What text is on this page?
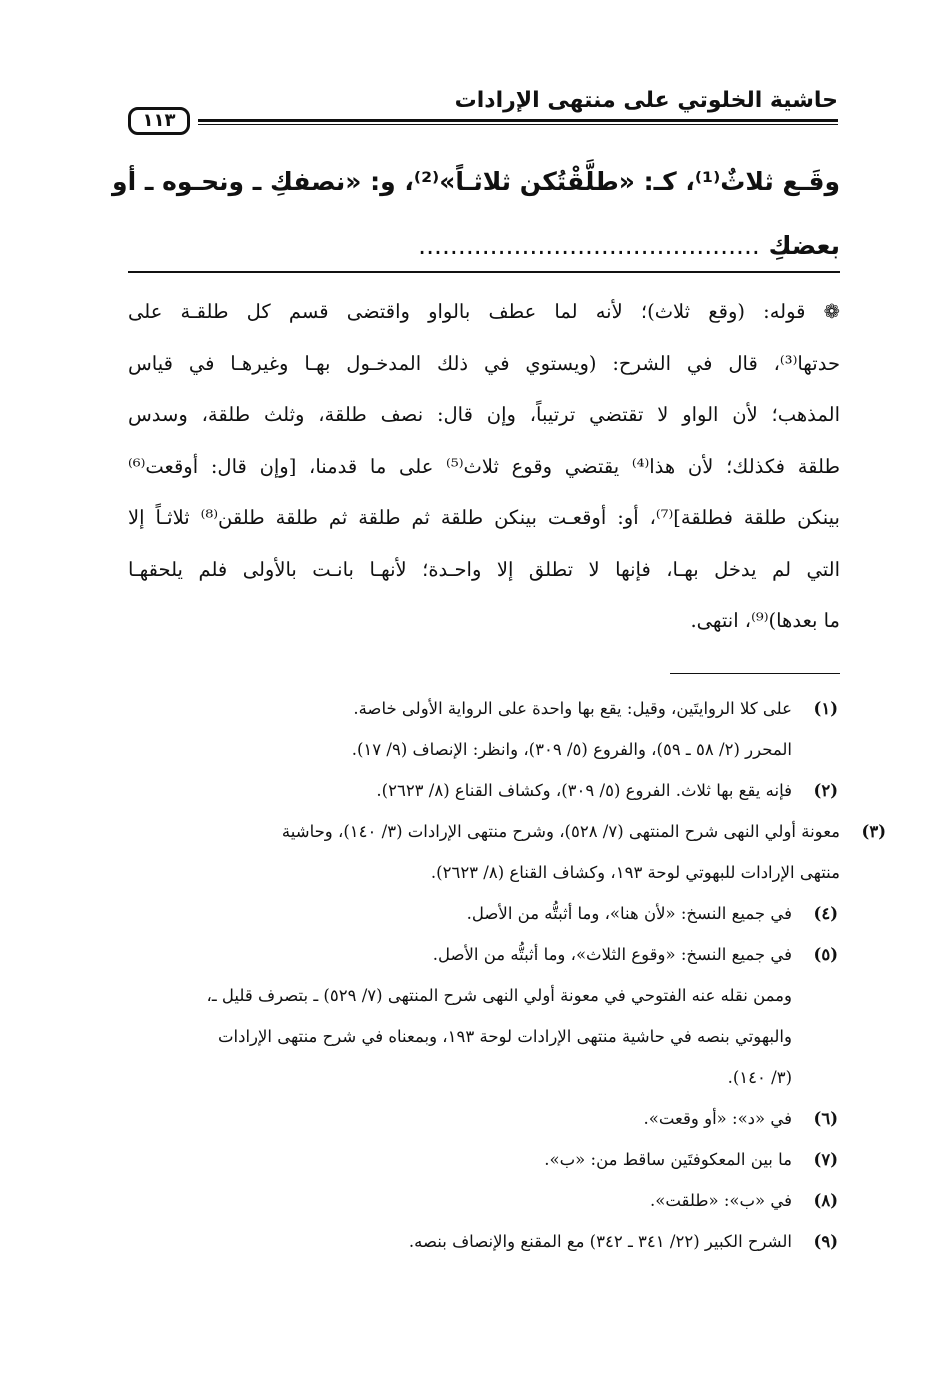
حاشية الخلوتي على منتهى الإرادات
١١٣

وقَـع ثلاثٌ⁽¹⁾، كـ: «طلَّقْتُكن ثلاثـاً»⁽²⁾، و: «نصفكِ ـ ونحـوه ـ أو

بعضكِ ...........................................

❁ قوله: (وقع ثلاث)؛ لأنه لما عطف بالواو واقتضى قسم كل طلقـة على
حدتها⁽³⁾، قال في الشرح: (ويستوي في ذلك المدخـول بهـا وغيرهـا في قياس
المذهب؛ لأن الواو لا تقتضي ترتيباً، وإن قال: نصف طلقة، وثلث طلقة، وسدس
طلقة فكذلك؛ لأن هذا⁽⁴⁾ يقتضي وقوع ثلاث⁽⁵⁾ على ما قدمنا، [وإن قال: أوقعت⁽⁶⁾
بينكن طلقة فطلقة]⁽⁷⁾، أو: أوقعـت بينكن طلقة ثم طلقة ثم طلقة طلقن⁽⁸⁾ ثلاثـاً إلا
التي لم يدخل بهـا، فإنها لا تطلق إلا واحـدة؛ لأنهـا بانـت بالأولى فلم يلحقهـا
ما بعدها)⁽⁹⁾، انتهى.
(١)
على كلا الروايتَين، وقيل: يقع بها واحدة على الرواية الأولى خاصة.
المحرر (٢/ ٥٨ ـ ٥٩)، والفروع (٥/ ٣٠٩)، وانظر: الإنصاف (٩/ ١٧).
(٢)
فإنه يقع بها ثلاث. الفروع (٥/ ٣٠٩)، وكشاف القناع (٨/ ٢٦٢٣).
(٣)
معونة أولي النهى شرح المنتهى (٧/ ٥٢٨)، وشرح منتهى الإرادات (٣/ ١٤٠)، وحاشية
منتهى الإرادات للبهوتي لوحة ١٩٣، وكشاف القناع (٨/ ٢٦٢٣).
(٤)
في جميع النسخ: «لأن هنا»، وما أثبتُّه من الأصل.
(٥)
في جميع النسخ: «وقوع الثلاث»، وما أثبتُّه من الأصل.
وممن نقله عنه الفتوحي في معونة أولي النهى شرح المنتهى (٧/ ٥٢٩) ـ بتصرف قليل ـ،
والبهوتي بنصه في حاشية منتهى الإرادات لوحة ١٩٣، وبمعناه في شرح منتهى الإرادات
(٣/ ١٤٠).
(٦)
في «د»: «أو وقعت».
(٧)
ما بين المعكوفتَين ساقط من: «ب».
(٨)
في «ب»: «طلقت».
(٩)
الشرح الكبير (٢٢/ ٣٤١ ـ ٣٤٢) مع المقنع والإنصاف بنصه.
